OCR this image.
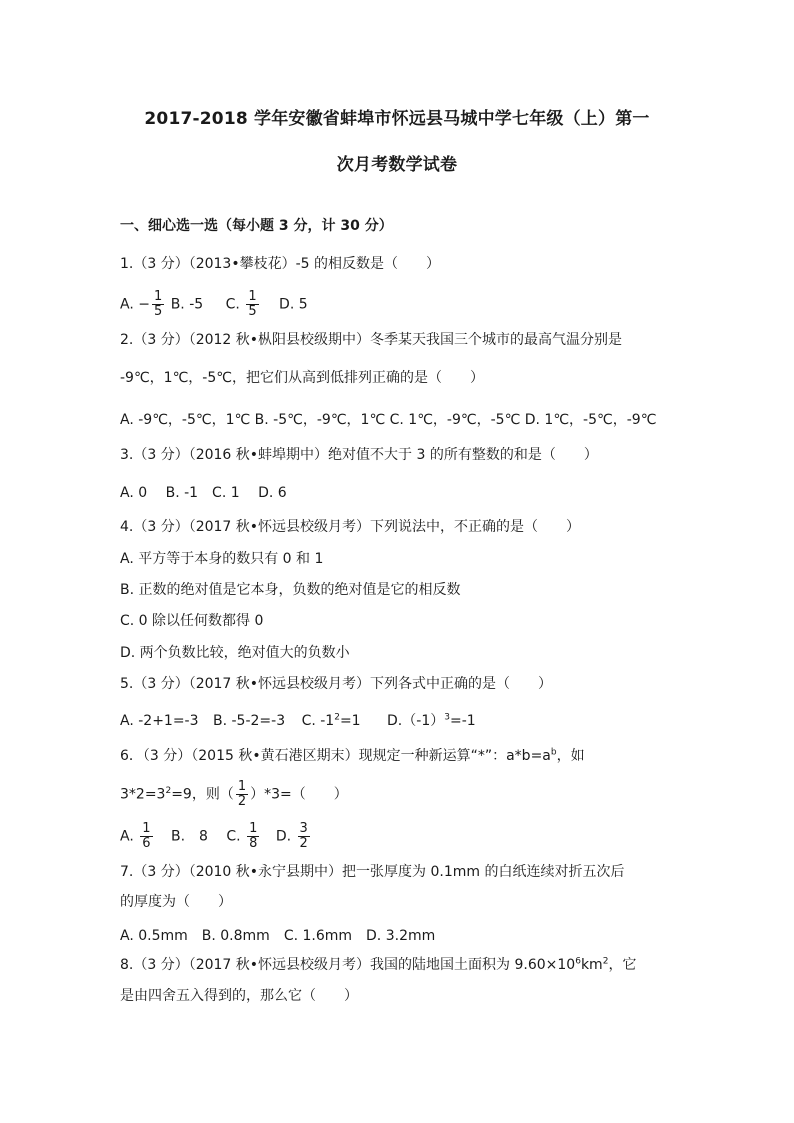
2017-2018 学年安徽省蚌埠市怀远县马城中学七年级（上）第一
次月考数学试卷
一、细心选一选（每小题 3 分，计 30 分）
1.（3 分）（2013•攀枝花）-5 的相反数是（　　）
A. − $\frac{1}{5} B$. -5 C. $\frac{1}{5} D$. 5
2.（3 分）（2012 秋•枞阳县校级期中）冬季某天我国三个城市的最高气温分别是
-9℃，1℃，-5℃，把它们从高到低排列正确的是（　　）
A. -9℃，-5℃，1℃ B. -5℃，-9℃，1℃ C. 1℃，-9℃，-5℃ D. 1℃，-5℃，-9℃
3.（3 分）（2016 秋•蚌埠期中）绝对值不大于 3 的所有整数的和是（　　）
A. 0　 B. -1　C. 1　 D. 6
4.（3 分）（2017 秋•怀远县校级月考）下列说法中，不正确的是（　　）
A. 平方等于本身的数只有 0 和 1
B. 正数的绝对值是它本身，负数的绝对值是它的相反数
C. 0 除以任何数都得 0
D. 两个负数比较，绝对值大的负数小
5.（3 分）（2017 秋•怀远县校级月考）下列各式中正确的是（　　）
A. -2+1=-3 B. -5-2=-3 C. $-1^2=1$ $D.(-1)^3=-1$
6．（3 分）（2015 秋•黄石港区期末）现规定一种新运算“*”：$a*b=a^b$，如
$3*2=3^2=9$，则（ $\frac{1}{2} )*3=$（　　）
A. $\frac{1}{6} B$.　8 C. $\frac{1}{8} D$. $\frac{3}{2}$
7.（3 分）（2010 秋•永宁县期中）把一张厚度为 0.1mm 的白纸连续对折五次后
的厚度为（　　）
A. 0.5mm　B. 0.8mm　C. 1.6mm　D. 3.2mm
8.（3 分）（2017 秋•怀远县校级月考）我国的陆地国土面积为 $9.60\times 10^6km^2$，它
是由四舍五入得到的，那么它（　　）
